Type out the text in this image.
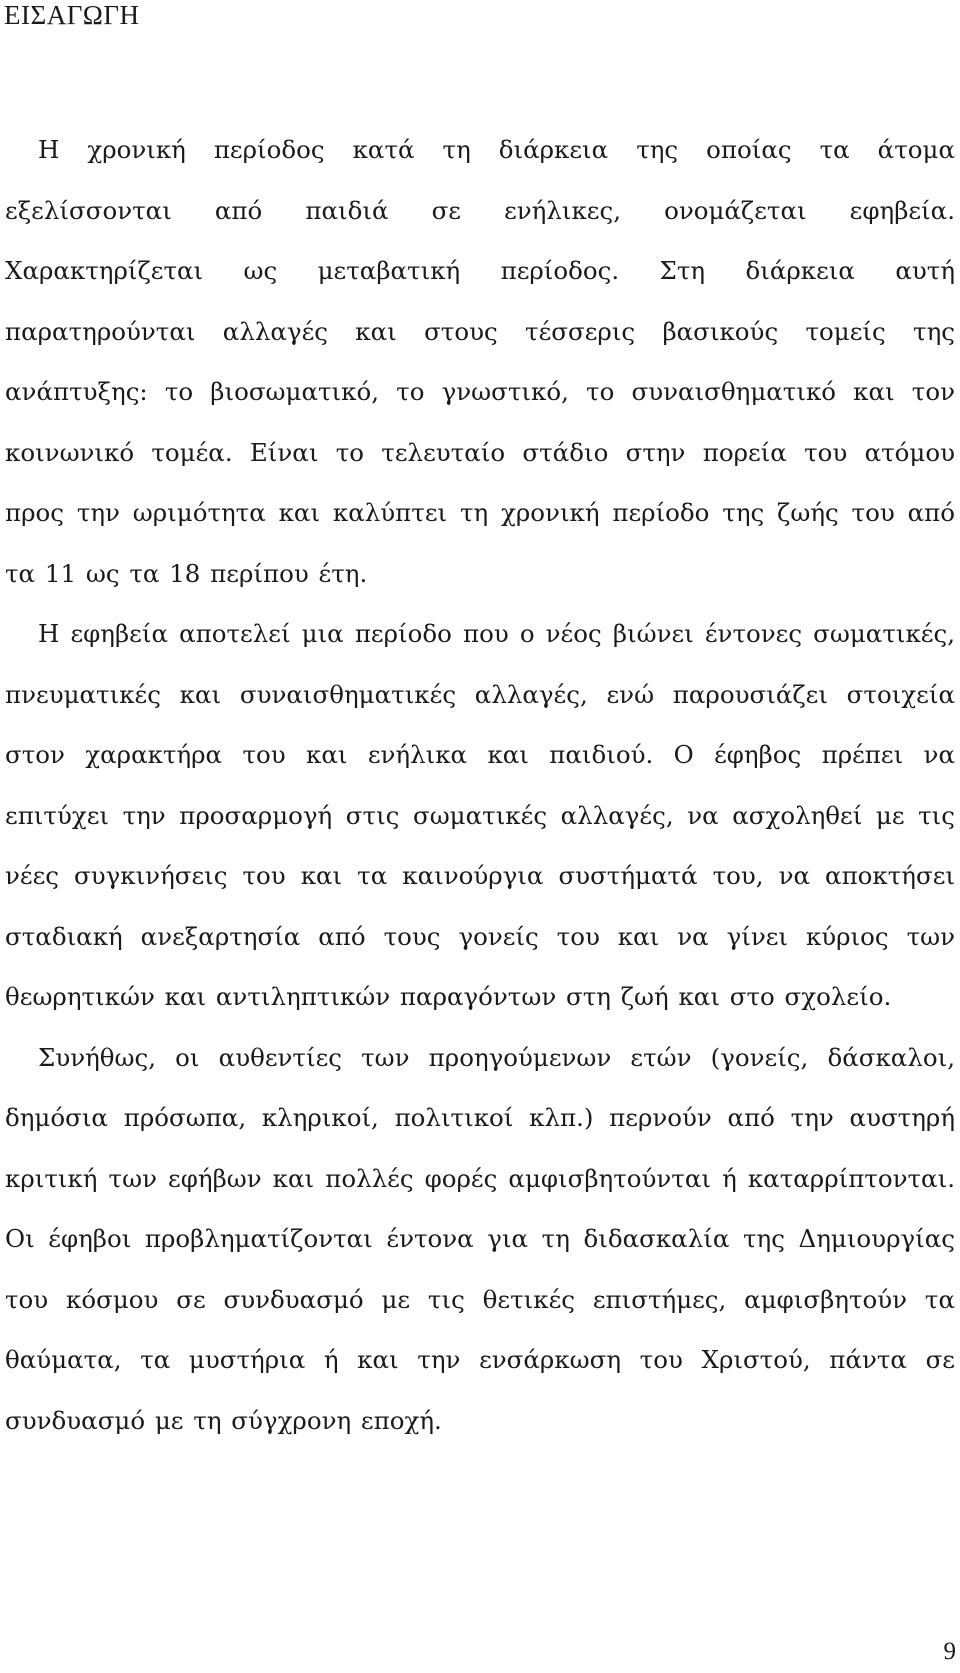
ΕΙΣΑΓΩΓΗ

Η χρονική περίοδος κατά τη διάρκεια της οποίας τα άτομα εξελίσσονται από παιδιά σε ενήλικες, ονομάζεται εφηβεία. Χαρακτηρίζεται ως μεταβατική περίοδος. Στη διάρκεια αυτή παρατηρούνται αλλαγές και στους τέσσερις βασικούς τομείς της ανάπτυξης: το βιοσωματικό, το γνωστικό, το συναισθηματικό και τον κοινωνικό τομέα. Είναι το τελευταίο στάδιο στην πορεία του ατόμου προς την ωριμότητα και καλύπτει τη χρονική περίοδο της ζωής του από τα 11 ως τα 18 περίπου έτη.

Η εφηβεία αποτελεί μια περίοδο που ο νέος βιώνει έντονες σωματικές, πνευματικές και συναισθηματικές αλλαγές, ενώ παρουσιάζει στοιχεία στον χαρακτήρα του και ενήλικα και παιδιού. Ο έφηβος πρέπει να επιτύχει την προσαρμογή στις σωματικές αλλαγές, να ασχοληθεί με τις νέες συγκινήσεις του και τα καινούργια συστήματά του, να αποκτήσει σταδιακή ανεξαρτησία από τους γονείς του και να γίνει κύριος των θεωρητικών και αντιληπτικών παραγόντων στη ζωή και στο σχολείο.

Συνήθως, οι αυθεντίες των προηγούμενων ετών (γονείς, δάσκαλοι, δημόσια πρόσωπα, κληρικοί, πολιτικοί κλπ.) περνούν από την αυστηρή κριτική των εφήβων και πολλές φορές αμφισβητούνται ή καταρρίπτονται. Οι έφηβοι προβληματίζονται έντονα για τη διδασκαλία της Δημιουργίας του κόσμου σε συνδυασμό με τις θετικές επιστήμες, αμφισβητούν τα θαύματα, τα μυστήρια ή και την ενσάρκωση του Χριστού, πάντα σε συνδυασμό με τη σύγχρονη εποχή.

9
